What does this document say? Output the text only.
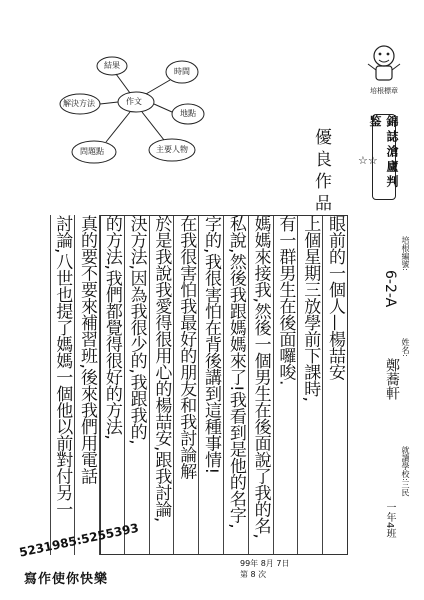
作文
結果
時間
解決方法
地點
問題點	主要人物
培根標章
錦誌滄廬判鉴
☆☆
優良作品
眼前的一個人—楊喆安
上個星期三放學前下課時,
有一群男生在後面囉唆.
媽媽來接我,然後一個男生在後面說了我的名,
私說,然後我跟媽媽來了!我看到是他的名字,
字的,我很害怕在背後講到這種事情!
在我很害怕我最好的朋友和我討論解
於是我說我愛得很用心的楊喆安,跟我討論,
決方法,因為我很少的,我跟我的,
的方法,我們都覺得很好的方法,
真的要不要來補習班,後來我們用電話
討論,八世也提了媽媽一個他以前對付另一	培根編號:
6-2-A
姓名:
鄭蕎軒
就讀學校:三民
一年4班
99年 8月 7日
第 8 次
5231985:5255393
寫作使你快樂
